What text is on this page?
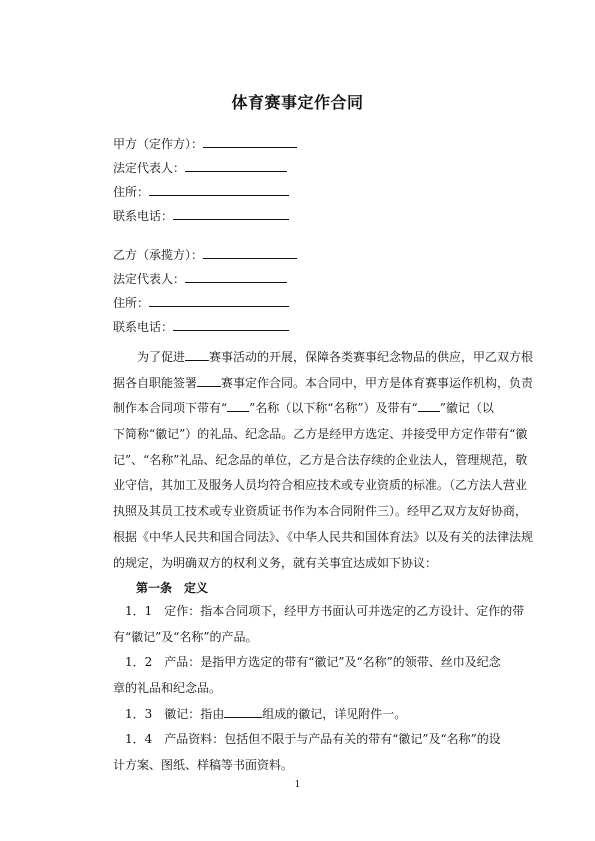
体育赛事定作合同
甲方（定作方）：
法定代表人：
住所：
联系电话：
乙方（承揽方）：
法定代表人：
住所：
联系电话：
为了促进 赛事活动的开展，保障各类赛事纪念物品的供应，甲乙双方根
据各自职能签署 赛事定作合同。本合同中，甲方是体育赛事运作机构，负责
制作本合同项下带有“ ”名称（以下称“名称”）及带有“ ”徽记（以
下简称“徽记”）的礼品、纪念品。乙方是经甲方选定、并接受甲方定作带有“徽
记”、“名称”礼品、纪念品的单位，乙方是合法存续的企业法人，管理规范，敬
业守信，其加工及服务人员均符合相应技术或专业资质的标准。（乙方法人营业
执照及其员工技术或专业资质证书作为本合同附件三）。经甲乙双方友好协商，
根据《中华人民共和国合同法》、《中华人民共和国体育法》以及有关的法律法规
的规定，为明确双方的权利义务，就有关事宜达成如下协议：
第一条　定义
1．1　定作：指本合同项下，经甲方书面认可并选定的乙方设计、定作的带
有“徽记”及“名称”的产品。
1．2　产品：是指甲方选定的带有“徽记”及“名称”的领带、丝巾及纪念
章的礼品和纪念品。
1．3　徽记：指由	组成的徽记，详见附件一。
1．4　产品资料：包括但不限于与产品有关的带有“徽记”及“名称”的设
计方案、图纸、样稿等书面资料。
1
